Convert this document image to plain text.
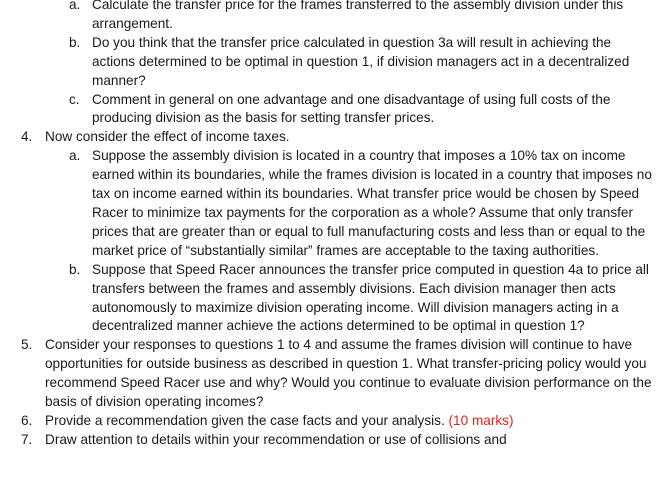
a. Calculate the transfer price for the frames transferred to the assembly division under this arrangement.
b. Do you think that the transfer price calculated in question 3a will result in achieving the actions determined to be optimal in question 1, if division managers act in a decentralized manner?
c. Comment in general on one advantage and one disadvantage of using full costs of the producing division as the basis for setting transfer prices.
4. Now consider the effect of income taxes.
a. Suppose the assembly division is located in a country that imposes a 10% tax on income earned within its boundaries, while the frames division is located in a country that imposes no tax on income earned within its boundaries. What transfer price would be chosen by Speed Racer to minimize tax payments for the corporation as a whole? Assume that only transfer prices that are greater than or equal to full manufacturing costs and less than or equal to the market price of “substantially similar” frames are acceptable to the taxing authorities.
b. Suppose that Speed Racer announces the transfer price computed in question 4a to price all transfers between the frames and assembly divisions. Each division manager then acts autonomously to maximize division operating income. Will division managers acting in a decentralized manner achieve the actions determined to be optimal in question 1?
5. Consider your responses to questions 1 to 4 and assume the frames division will continue to have opportunities for outside business as described in question 1. What transfer-pricing policy would you recommend Speed Racer use and why? Would you continue to evaluate division performance on the basis of division operating incomes?
6. Provide a recommendation given the case facts and your analysis. (10 marks)
7. Draw attention to details within your recommendation or use of collisions and
